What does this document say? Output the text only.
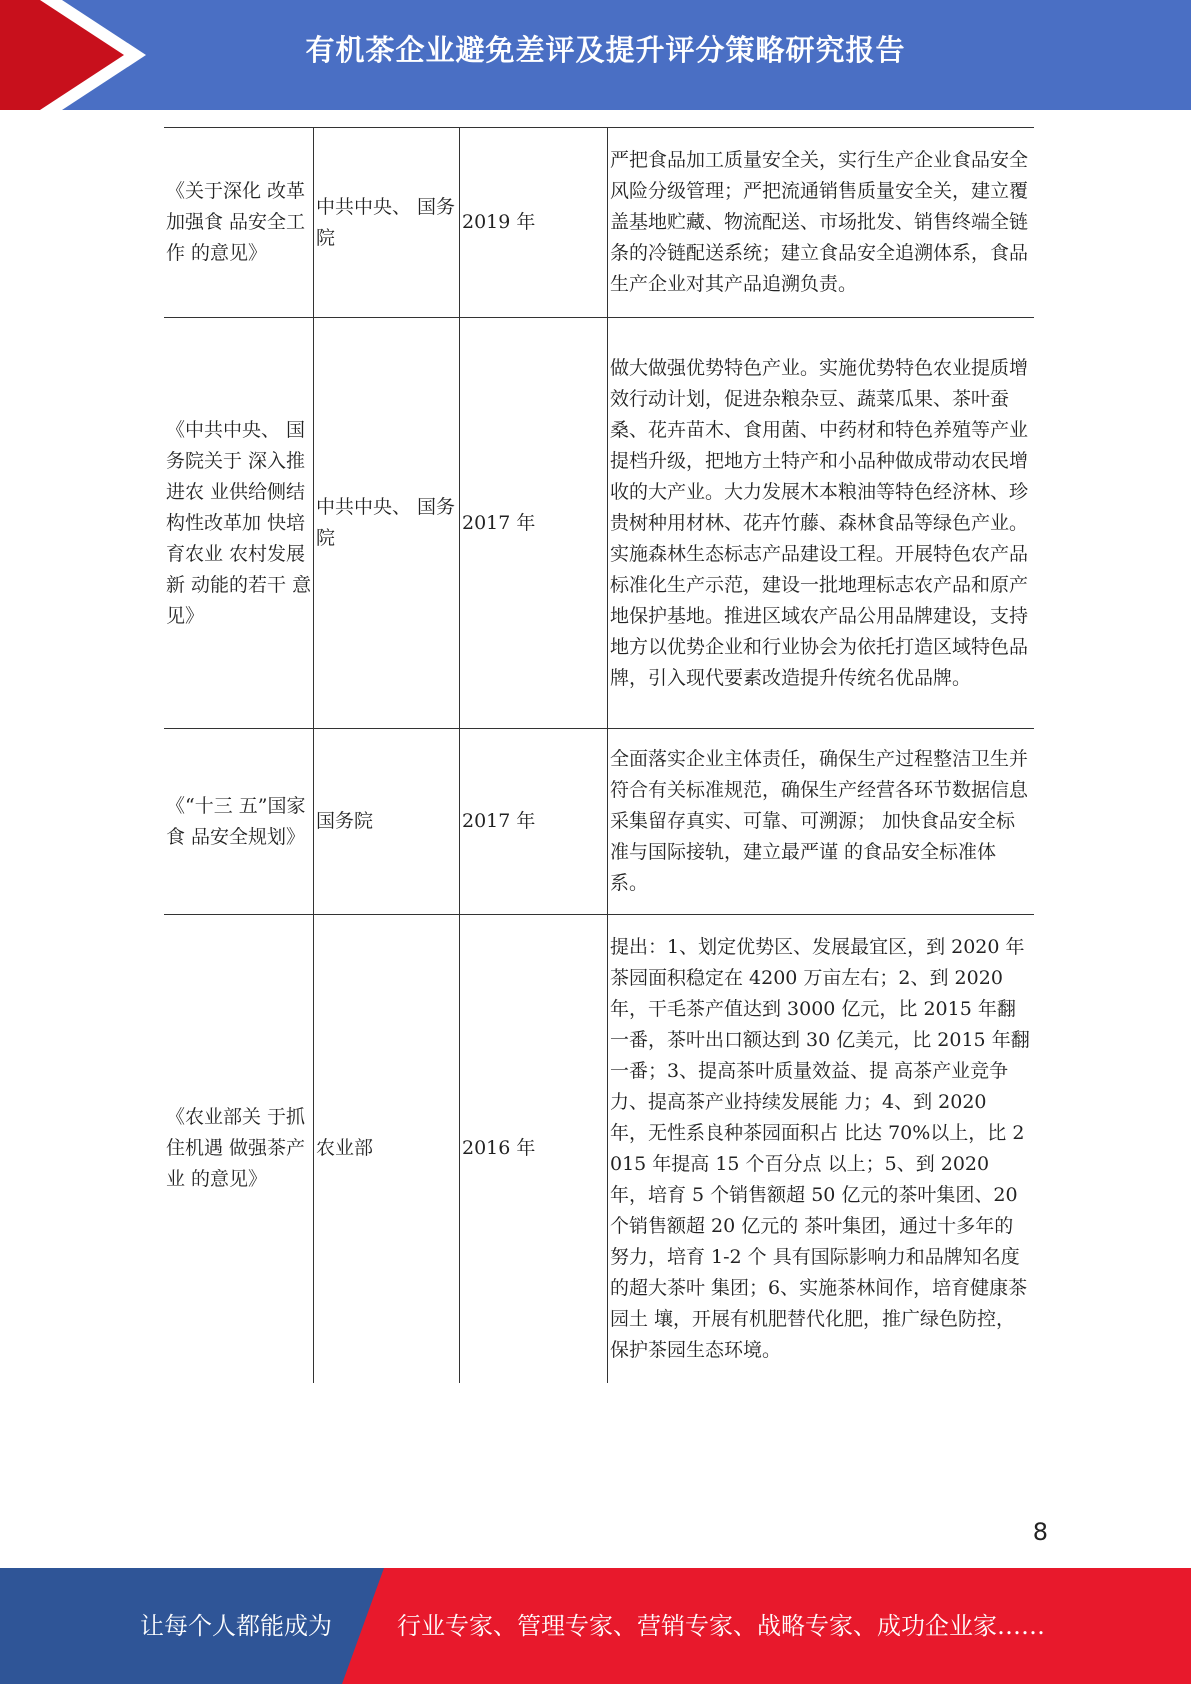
有机茶企业避免差评及提升评分策略研究报告
《关于深化 改革加强食 品安全工作 的意见》	中共中央、 国务院	2019 年	严把食品加工质量安全关，实行生产企业食品安全风险分级管理；严把流通销售质量安全关，建立覆盖基地贮藏、物流配送、市场批发、销售终端全链条的冷链配送系统；建立食品安全追溯体系，食品生产企业对其产品追溯负责。
《中共中央、 国务院关于 深入推进农 业供给侧结 构性改革加 快培育农业 农村发展新 动能的若干 意见》	中共中央、 国务院	2017 年	做大做强优势特色产业。实施优势特色农业提质增效行动计划，促进杂粮杂豆、蔬菜瓜果、茶叶蚕桑、花卉苗木、食用菌、中药材和特色养殖等产业提档升级，把地方土特产和小品种做成带动农民增收的大产业。大力发展木本粮油等特色经济林、珍贵树种用材林、花卉竹藤、森林食品等绿色产业。实施森林生态标志产品建设工程。开展特色农产品标准化生产示范，建设一批地理标志农产品和原产地保护基地。推进区域农产品公用品牌建设，支持地方以优势企业和行业协会为依托打造区域特色品牌，引入现代要素改造提升传统名优品牌。
《“十三 五”国家食 品安全规划》	国务院	2017 年	全面落实企业主体责任，确保生产过程整洁卫生并符合有关标准规范，确保生产经营各环节数据信息采集留存真实、可靠、可溯源； 加快食品安全标准与国际接轨，建立最严谨 的食品安全标准体系。
《农业部关 于抓住机遇 做强茶产业 的意见》	农业部	2016 年	提出：1、划定优势区、发展最宜区，到 2020 年茶园面积稳定在 4200 万亩左右；2、到 2020 年，干毛茶产值达到 3000 亿元，比 2015 年翻一番，茶叶出口额达到 30 亿美元，比 2015 年翻一番；3、提高茶叶质量效益、提 高茶产业竞争力、提高茶产业持续发展能 力；4、到 2020 年，无性系良种茶园面积占 比达 70%以上，比 2015 年提高 15 个百分点 以上；5、到 2020 年，培育 5 个销售额超 50 亿元的茶叶集团、20 个销售额超 20 亿元的 茶叶集团，通过十多年的努力，培育 1-2 个 具有国际影响力和品牌知名度的超大茶叶 集团；6、实施茶林间作，培育健康茶园土 壤，开展有机肥替代化肥，推广绿色防控， 保护茶园生态环境。
8
让每个人都能成为	行业专家、管理专家、营销专家、战略专家、成功企业家……
